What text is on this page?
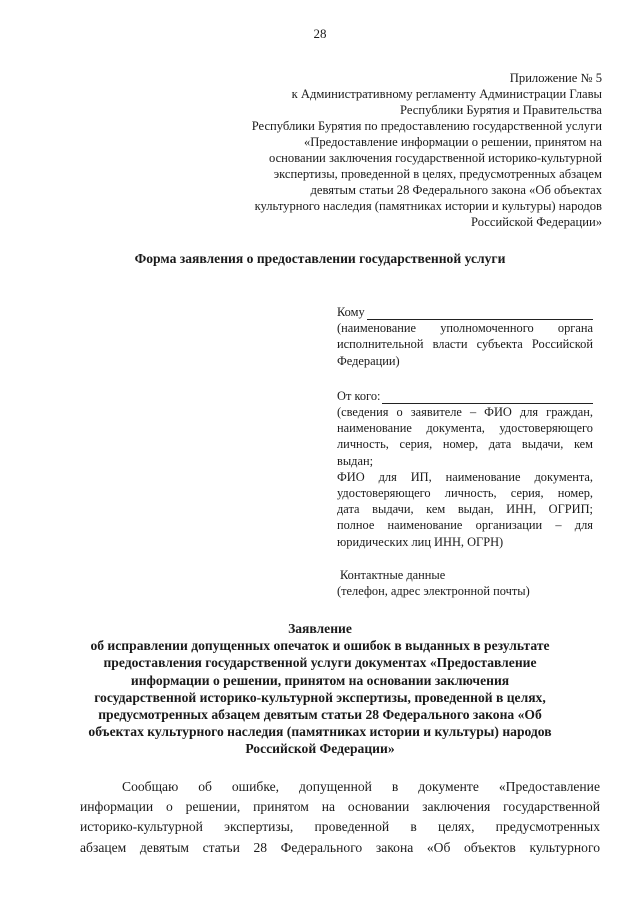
28
Приложение № 5
к Административному регламенту Администрации Главы
Республики Бурятия и Правительства
Республики Бурятия по предоставлению государственной услуги
«Предоставление информации о решении, принятом на
основании заключения государственной историко-культурной
экспертизы, проведенной в целях, предусмотренных абзацем
девятым статьи 28 Федерального закона «Об объектах
культурного наследия (памятниках истории и культуры) народов
Российской Федерации»
Форма заявления о предоставлении государственной услуги
Кому
(наименование уполномоченного органа
исполнительной власти субъекта Российской
Федерации)
От кого:
(сведения о заявителе – ФИО для граждан,
наименование документа, удостоверяющего
личность, серия, номер, дата выдачи, кем
выдан;
ФИО для ИП, наименование документа,
удостоверяющего личность, серия, номер,
дата выдачи, кем выдан, ИНН, ОГРИП;
полное наименование организации – для
юридических лиц ИНН, ОГРН)
Контактные данные
(телефон, адрес электронной почты)
Заявление
об исправлении допущенных опечаток и ошибок в выданных в результате
предоставления государственной услуги документах «Предоставление
информации о решении, принятом на основании заключения
государственной историко-культурной экспертизы, проведенной в целях,
предусмотренных абзацем девятым статьи 28 Федерального закона «Об
объектах культурного наследия (памятниках истории и культуры) народов
Российской Федерации»
Сообщаю об ошибке, допущенной в документе «Предоставление
информации о решении, принятом на основании заключения государственной
историко-культурной экспертизы, проведенной в целях, предусмотренных
абзацем девятым статьи 28 Федерального закона «Об объектов культурного
